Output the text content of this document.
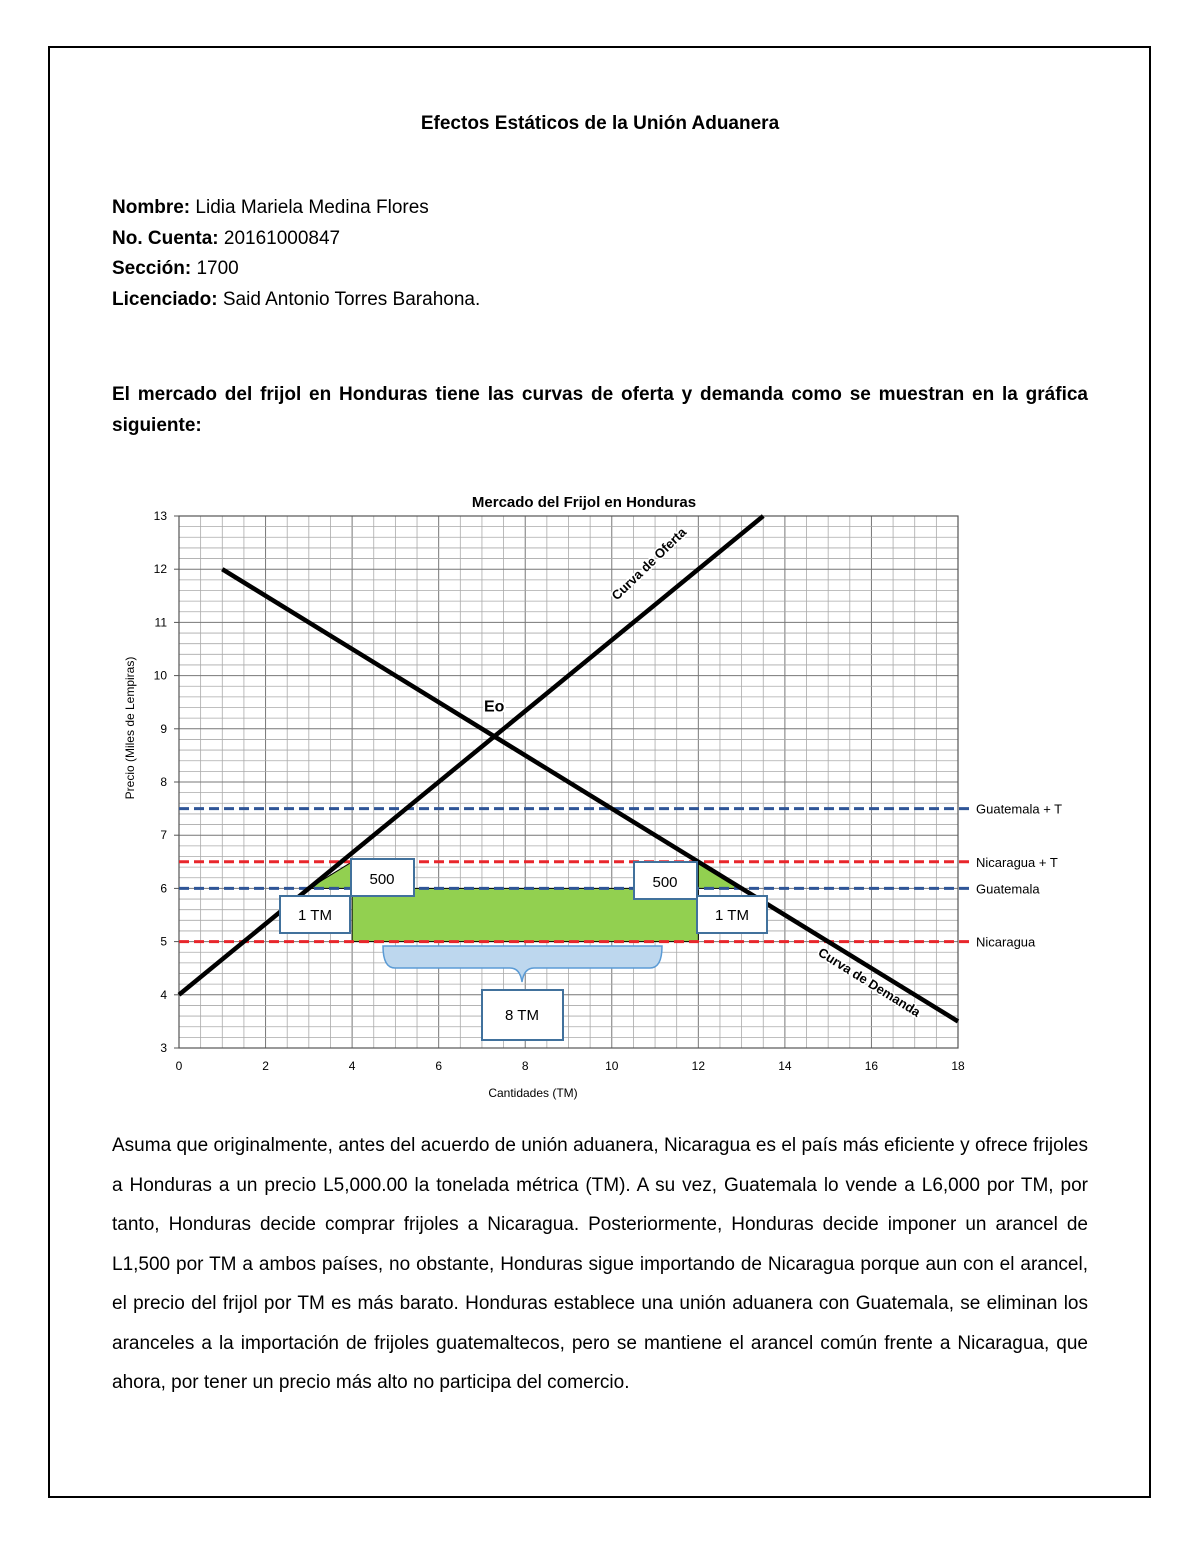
Efectos Estáticos de la Unión Aduanera
Nombre: Lidia Mariela Medina Flores
No. Cuenta: 20161000847
Sección: 1700
Licenciado: Said Antonio Torres Barahona.
El mercado del frijol en Honduras tiene las curvas de oferta y demanda como se muestran en la gráfica siguiente:
Mercado del Frijol en Honduras
3
4
5
6
7
8
9
10
11
12
13
0	2	4	6	8	10	12	14	16	18
Cantidades (TM)
Precio (Miles de Lempiras)
Guatemala + T
Nicaragua + T
Guatemala
Nicaragua
Curva de Oferta
Curva de Demanda
Eo
500	500
1 TM	1 TM
8 TM
Asuma que originalmente, antes del acuerdo de unión aduanera, Nicaragua es el país más eficiente y ofrece frijoles a Honduras a un precio L5,000.00 la tonelada métrica (TM). A su vez, Guatemala lo vende a L6,000 por TM, por tanto, Honduras decide comprar frijoles a Nicaragua. Posteriormente, Honduras decide imponer un arancel de L1,500 por TM a ambos países, no obstante, Honduras sigue importando de Nicaragua porque aun con el arancel, el precio del frijol por TM es más barato. Honduras establece una unión aduanera con Guatemala, se eliminan los aranceles a la importación de frijoles guatemaltecos, pero se mantiene el arancel común frente a Nicaragua, que ahora, por tener un precio más alto no participa del comercio.
